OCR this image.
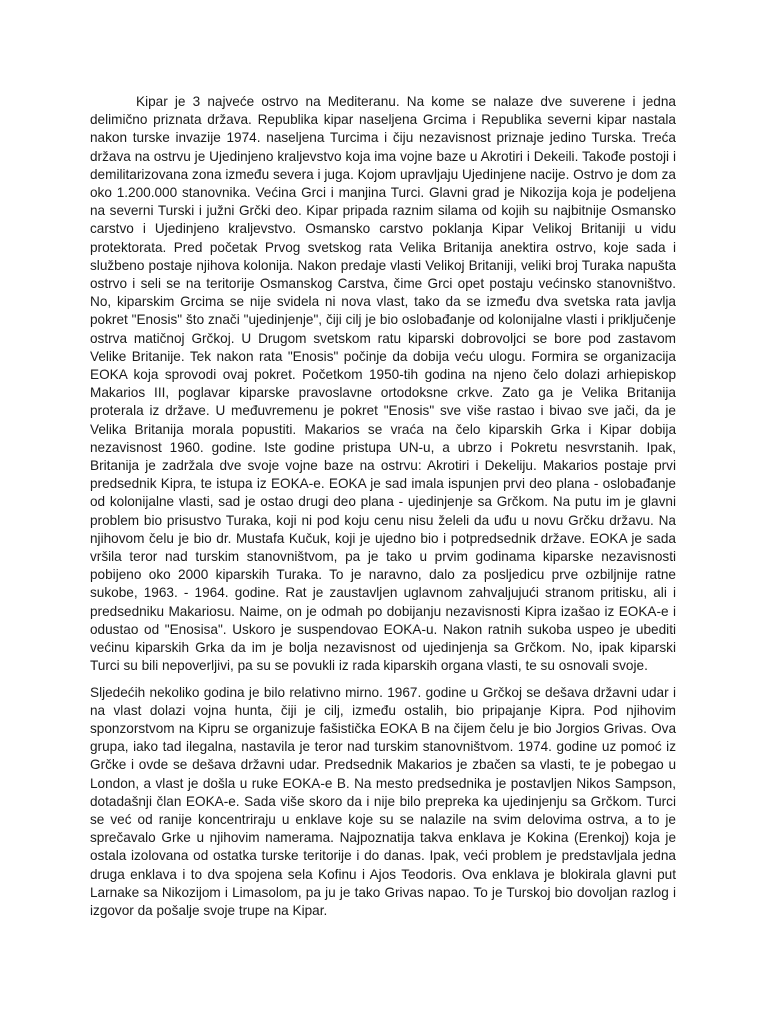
Kipar je 3 najveće ostrvo na Mediteranu. Na kome se nalaze dve suverene i jedna delimično priznata država. Republika kipar naseljena Grcima i Republika severni kipar nastala nakon turske invazije 1974. naseljena Turcima i čiju nezavisnost priznaje jedino Turska. Treća država na ostrvu je Ujedinjeno kraljevstvo koja ima vojne baze u Akrotiri i Dekeili. Takođe postoji i demilitarizovana zona između severa i juga. Kojom upravljaju Ujedinjene nacije. Ostrvo je dom za oko 1.200.000 stanovnika. Većina Grci i manjina Turci. Glavni grad je Nikozija koja je podeljena na severni Turski i južni Grčki deo. Kipar pripada raznim silama od kojih su najbitnije Osmansko carstvo i Ujedinjeno kraljevstvo. Osmansko carstvo poklanja Kipar Velikoj Britaniji u vidu protektorata. Pred početak Prvog svetskog rata Velika Britanija anektira ostrvo, koje sada i službeno postaje njihova kolonija. Nakon predaje vlasti Velikoj Britaniji, veliki broj Turaka napušta ostrvo i seli se na teritorije Osmanskog Carstva, čime Grci opet postaju većinsko stanovništvo. No, kiparskim Grcima se nije svidela ni nova vlast, tako da se između dva svetska rata javlja pokret "Enosis" što znači "ujedinjenje", čiji cilj je bio oslobađanje od kolonijalne vlasti i priključenje ostrva matičnoj Grčkoj. U Drugom svetskom ratu kiparski dobrovoljci se bore pod zastavom Velike Britanije. Tek nakon rata "Enosis" počinje da dobija veću ulogu. Formira se organizacija EOKA koja sprovodi ovaj pokret. Početkom 1950-tih godina na njeno čelo dolazi arhiepiskop Makarios III, poglavar kiparske pravoslavne ortodoksne crkve. Zato ga je Velika Britanija proterala iz države. U međuvremenu je pokret "Enosis" sve više rastao i bivao sve jači, da je Velika Britanija morala popustiti. Makarios se vraća na čelo kiparskih Grka i Kipar dobija nezavisnost 1960. godine. Iste godine pristupa UN-u, a ubrzo i Pokretu nesvrstanih. Ipak, Britanija je zadržala dve svoje vojne baze na ostrvu: Akrotiri i Dekeliju. Makarios postaje prvi predsednik Kipra, te istupa iz EOKA-e. EOKA je sad imala ispunjen prvi deo plana - oslobađanje od kolonijalne vlasti, sad je ostao drugi deo plana - ujedinjenje sa Grčkom. Na putu im je glavni problem bio prisustvo Turaka, koji ni pod koju cenu nisu želeli da uđu u novu Grčku državu. Na njihovom čelu je bio dr. Mustafa Kučuk, koji je ujedno bio i potpredsednik države. EOKA je sada vršila teror nad turskim stanovništvom, pa je tako u prvim godinama kiparske nezavisnosti pobijeno oko 2000 kiparskih Turaka. To je naravno, dalo za posljedicu prve ozbiljnije ratne sukobe, 1963. - 1964. godine. Rat je zaustavljen uglavnom zahvaljujući stranom pritisku, ali i predsedniku Makariosu. Naime, on je odmah po dobijanju nezavisnosti Kipra izašao iz EOKA-e i odustao od "Enosisa". Uskoro je suspendovao EOKA-u. Nakon ratnih sukoba uspeo je ubediti većinu kiparskih Grka da im je bolja nezavisnost od ujedinjenja sa Grčkom. No, ipak kiparski Turci su bili nepoverljivi, pa su se povukli iz rada kiparskih organa vlasti, te su osnovali svoje.

Sljedećih nekoliko godina je bilo relativno mirno. 1967. godine u Grčkoj se dešava državni udar i na vlast dolazi vojna hunta, čiji je cilj, između ostalih, bio pripajanje Kipra. Pod njihovim sponzorstvom na Kipru se organizuje fašistička EOKA B na čijem čelu je bio Jorgios Grivas. Ova grupa, iako tad ilegalna, nastavila je teror nad turskim stanovništvom. 1974. godine uz pomoć iz Grčke i ovde se dešava državni udar. Predsednik Makarios je zbačen sa vlasti, te je pobegao u London, a vlast je došla u ruke EOKA-e B. Na mesto predsednika je postavljen Nikos Sampson, dotadašnji član EOKA-e. Sada više skoro da i nije bilo prepreka ka ujedinjenju sa Grčkom. Turci se već od ranije koncentriraju u enklave koje su se nalazile na svim delovima ostrva, a to je sprečavalo Grke u njihovim namerama. Najpoznatija takva enklava je Kokina (Erenkoj) koja je ostala izolovana od ostatka turske teritorije i do danas. Ipak, veći problem je predstavljala jedna druga enklava i to dva spojena sela Kofinu i Ajos Teodoris. Ova enklava je blokirala glavni put Larnake sa Nikozijom i Limasolom, pa ju je tako Grivas napao. To je Turskoj bio dovoljan razlog i izgovor da pošalje svoje trupe na Kipar.
